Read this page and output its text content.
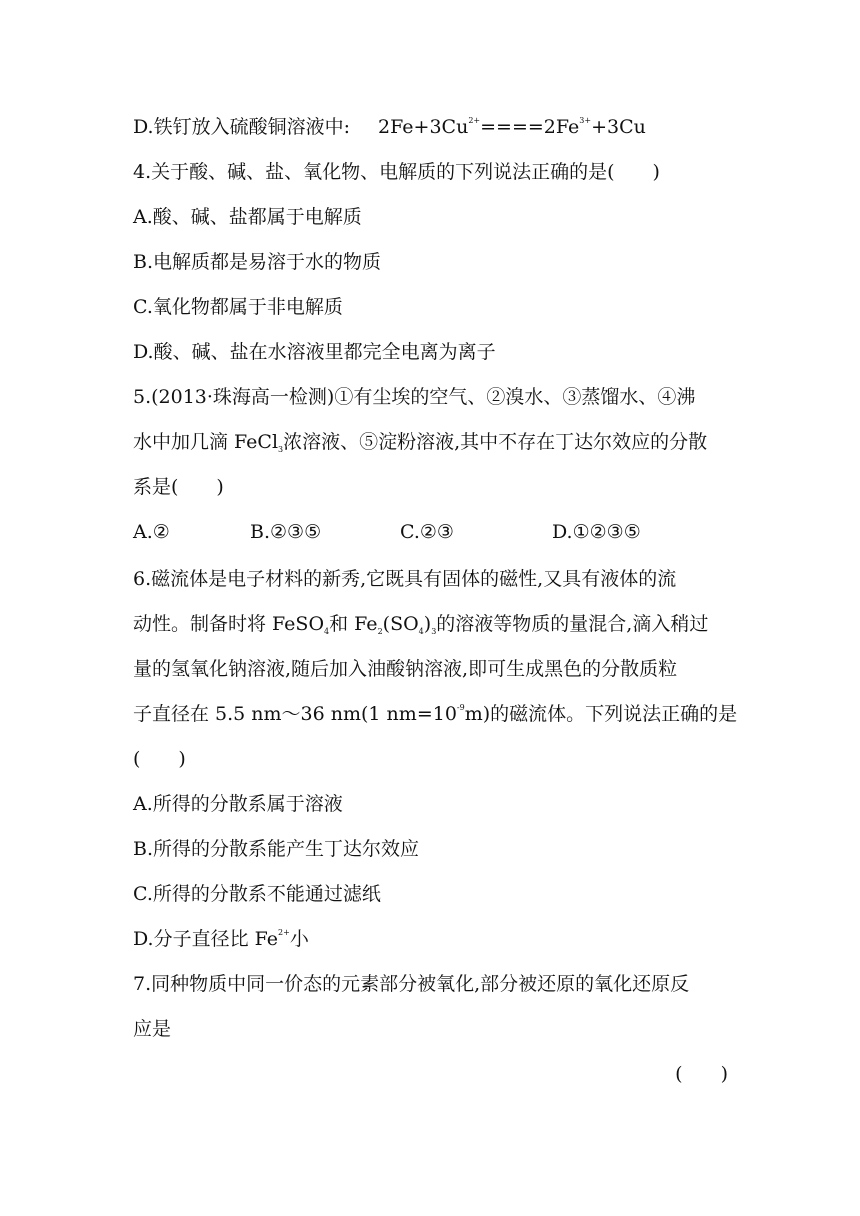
D.铁钉放入硫酸铜溶液中: $2Fe+3Cu^{2+}====2Fe^{3+}+3Cu$
4.关于酸、碱、盐、氧化物、电解质的下列说法正确的是(　　)
A.酸、碱、盐都属于电解质
B.电解质都是易溶于水的物质
C.氧化物都属于非电解质
D.酸、碱、盐在水溶液里都完全电离为离子
5.(2013·珠海高一检测)①有尘埃的空气、②溴水、③蒸馏水、④沸
水中加几滴 FeCl$_3$浓溶液、⑤淀粉溶液,其中不存在丁达尔效应的分散
系是(　　)
A.②	B.②③⑤	C.②③	D.①②③⑤
6.磁流体是电子材料的新秀,它既具有固体的磁性,又具有液体的流
动性。制备时将 FeSO$_4$和 $Fe_2(SO_4)_3$的溶液等物质的量混合,滴入稍过
量的氢氧化钠溶液,随后加入油酸钠溶液,即可生成黑色的分散质粒
子直径在 5.5 nm～36 nm(1 $nm=10^{-9}m$)的磁流体。下列说法正确的是
(　　)
A.所得的分散系属于溶液
B.所得的分散系能产生丁达尔效应
C.所得的分散系不能通过滤纸
D.分子直径比 $Fe^{2+}$小
7.同种物质中同一价态的元素部分被氧化,部分被还原的氧化还原反
应是
(　　)
